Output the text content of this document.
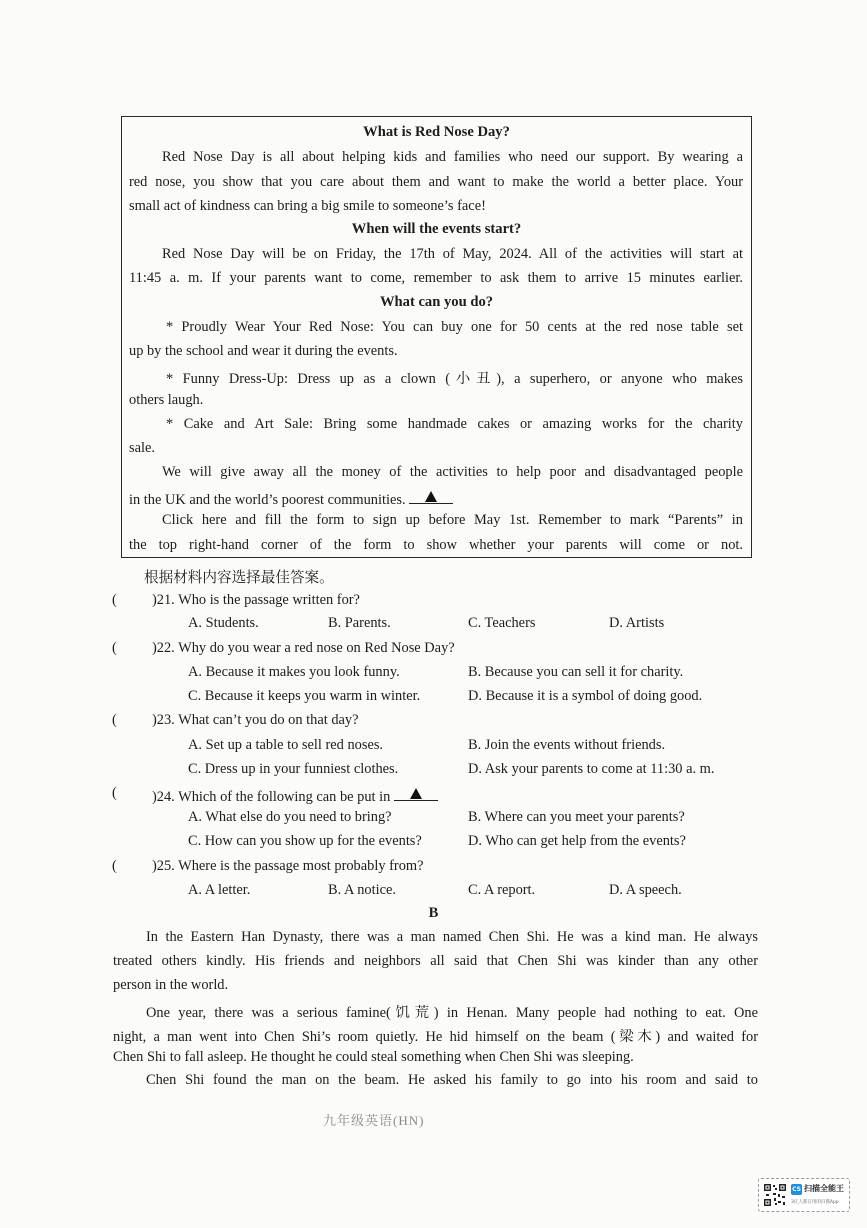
What is Red Nose Day?
Red Nose Day is all about helping kids and families who need our support. By wearing a
red nose, you show that you care about them and want to make the world a better place. Your
small act of kindness can bring a big smile to someone’s face!
When will the events start?
Red Nose Day will be on Friday, the 17th of May, 2024. All of the activities will start at
11:45 a. m. If your parents want to come, remember to ask them to arrive 15 minutes earlier.
What can you do?
* Proudly Wear Your Red Nose: You can buy one for 50 cents at the red nose table set
up by the school and wear it during the events.
* Funny Dress-Up: Dress up as a clown (小丑), a superhero, or anyone who makes
others laugh.
* Cake and Art Sale: Bring some handmade cakes or amazing works for the charity
sale.
We will give away all the money of the activities to help poor and disadvantaged people
in the UK and the world’s poorest communities.
Click here and fill the form to sign up before May 1st. Remember to mark “Parents” in
the top right-hand corner of the form to show whether your parents will come or not.
根据材料内容选择最佳答案。
( )21. Who is the passage written for?
A. Students.	B. Parents.	C. Teachers	D. Artists
( )22. Why do you wear a red nose on Red Nose Day?
A. Because it makes you look funny.	B. Because you can sell it for charity.
C. Because it keeps you warm in winter.	D. Because it is a symbol of doing good.
( )23. What can’t you do on that day?
A. Set up a table to sell red noses.	B. Join the events without friends.
C. Dress up in your funniest clothes.	D. Ask your parents to come at 11:30 a. m.
( )24. Which of the following can be put in
A. What else do you need to bring?	B. Where can you meet your parents?
C. How can you show up for the events?	D. Who can get help from the events?
( )25. Where is the passage most probably from?
A. A letter.	B. A notice.	C. A report.	D. A speech.
B
In the Eastern Han Dynasty, there was a man named Chen Shi. He was a kind man. He always
treated others kindly. His friends and neighbors all said that Chen Shi was kinder than any other
person in the world.
One year, there was a serious famine(饥荒) in Henan. Many people had nothing to eat. One
night, a man went into Chen Shi’s room quietly. He hid himself on the beam (梁木) and waited for
Chen Shi to fall asleep. He thought he could steal something when Chen Shi was sleeping.
Chen Shi found the man on the beam. He asked his family to go into his room and said to
九年级英语(HN)
CS 扫描全能王
3亿人都在用的扫描App
